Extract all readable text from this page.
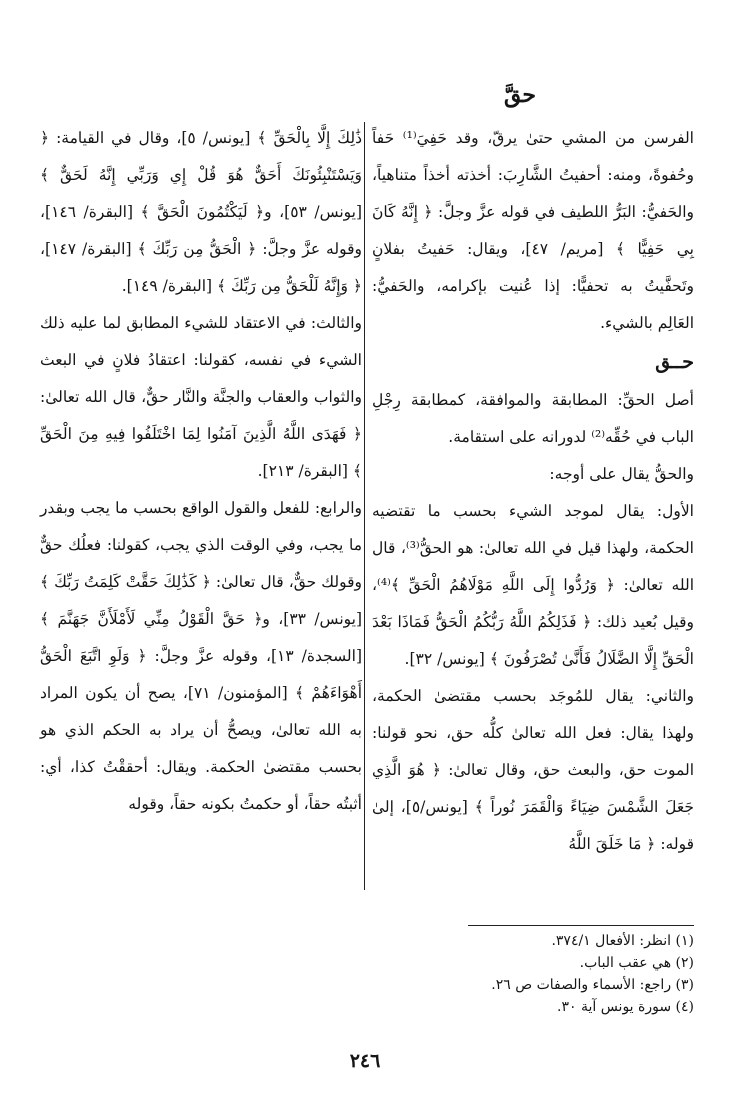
حقَّ

الفرسن من المشي حتىٰ يرقّ، وقد حَفِيَ⁽¹⁾ حَفاً وحُفوةً، ومنه: أحفيتُ الشَّارِبَ: أخذته أخذاً متناهياً، والحَفيُّ: البَرُّ اللطيف في قوله عزَّ وجلَّ: ﴿ إِنَّهُ كَانَ بِي حَفِيًّا ﴾ [مريم/ ٤٧]، ويقال: حَفيتُ بفلانٍ وتَحفَّيتُ به تحفيًّا: إذا عُنيت بإكرامه، والحَفيُّ: العَالِم بالشيء.

حــق

أصل الحقِّ: المطابقة والموافقة، كمطابقة رِجْلِ الباب في حُقِّه⁽²⁾ لدورانه على استقامة.

والحقُّ يقال على أوجه:

الأول: يقال لموجد الشيء بحسب ما تقتضيه الحكمة، ولهذا قيل في الله تعالىٰ: هو الحقُّ⁽³⁾، قال الله تعالىٰ: ﴿ وَرُدُّوا إِلَى اللَّهِ مَوْلَاهُمُ الْحَقِّ ﴾⁽⁴⁾، وقيل بُعيد ذلك: ﴿ فَذَلِكُمُ اللَّهُ رَبُّكُمُ الْحَقُّ فَمَاذَا بَعْدَ الْحَقِّ إِلَّا الضَّلَالُ فَأَنَّىٰ تُصْرَفُونَ ﴾ [يونس/ ٣٢].

والثاني: يقال للمُوجَد بحسب مقتضىٰ الحكمة، ولهذا يقال: فعل الله تعالىٰ كلُّه حق، نحو قولنا: الموت حق، والبعث حق، وقال تعالىٰ: ﴿ هُوَ الَّذِي جَعَلَ الشَّمْسَ ضِيَاءً وَالْقَمَرَ نُوراً ﴾ [يونس/٥]، إلىٰ قوله: ﴿ مَا خَلَقَ اللَّهُ

ذَٰلِكَ إِلَّا بِالْحَقِّ ﴾ [يونس/ ٥]، وقال في القيامة: ﴿ وَيَسْتَنْبِئُونَكَ أَحَقٌّ هُوَ قُلْ إِي وَرَبِّي إِنَّهُ لَحَقٌّ ﴾ [يونس/ ٥٣]، و﴿ لَيَكْتُمُونَ الْحَقَّ ﴾ [البقرة/ ١٤٦]، وقوله عزَّ وجلَّ: ﴿ الْحَقُّ مِن رَبِّكَ ﴾ [البقرة/ ١٤٧]، ﴿ وَإِنَّهُ لَلْحَقُّ مِن رَبِّكَ ﴾ [البقرة/ ١٤٩].

والثالث: في الاعتقاد للشيء المطابق لما عليه ذلك الشيء في نفسه، كقولنا: اعتقادُ فلانٍ في البعث والثواب والعقاب والجنَّة والنَّار حقٌّ، قال الله تعالىٰ: ﴿ فَهَدَى اللَّهُ الَّذِينَ آمَنُوا لِمَا اخْتَلَفُوا فِيهِ مِنَ الْحَقِّ ﴾ [البقرة/ ٢١٣].

والرابع: للفعل والقول الواقع بحسب ما يجب وبقدر ما يجب، وفي الوقت الذي يجب، كقولنا: فعلُك حقٌّ وقولك حقٌّ، قال تعالىٰ: ﴿ كَذَٰلِكَ حَقَّتْ كَلِمَتُ رَبِّكَ ﴾ [يونس/ ٣٣]، و﴿ حَقَّ الْقَوْلُ مِنِّي لَأَمْلَأَنَّ جَهَنَّمَ ﴾ [السجدة/ ١٣]، وقوله عزَّ وجلَّ: ﴿ وَلَوِ اتَّبَعَ الْحَقُّ أَهْوَاءَهُمْ ﴾ [المؤمنون/ ٧١]، يصح أن يكون المراد به الله تعالىٰ، ويصحُّ أن يراد به الحكم الذي هو بحسب مقتضىٰ الحكمة. ويقال: أحققْتُ كذا، أي: أثبتُه حقاً، أو حكمتُ بكونه حقاً، وقوله

(١) انظر: الأفعال ٣٧٤/١.
(٢) هي عقب الباب.
(٣) راجع: الأسماء والصفات ص ٢٦.
(٤) سورة يونس آية ٣٠.
٢٤٦
